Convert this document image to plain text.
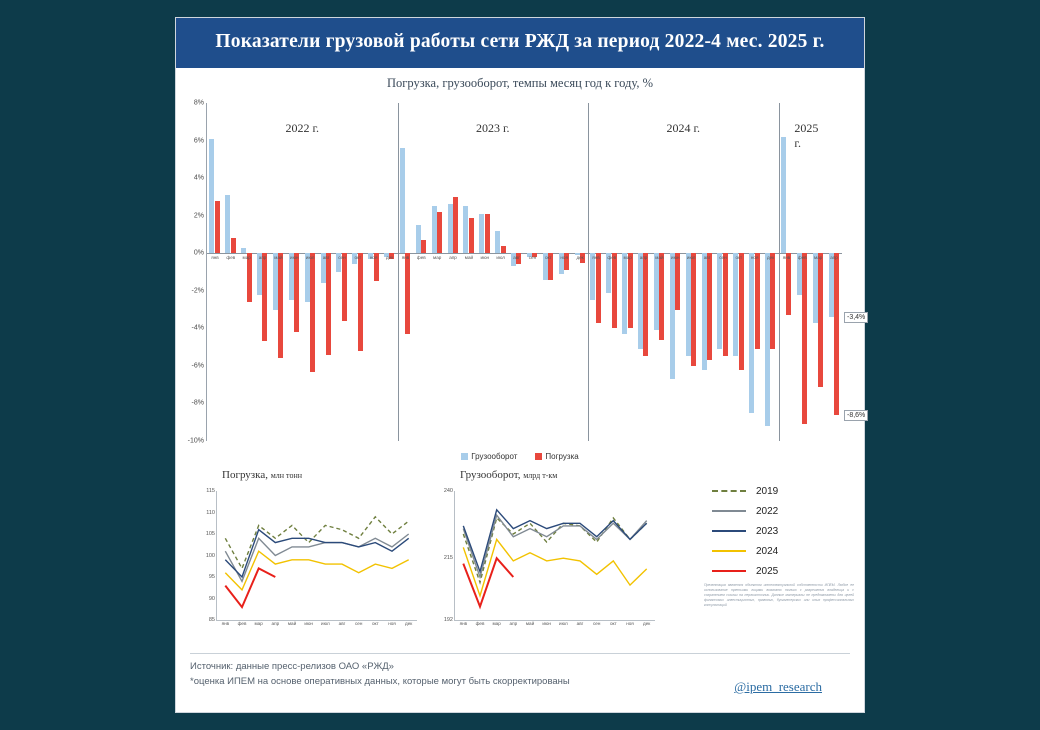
Показатели грузовой работы сети РЖД за период 2022-4 мес. 2025 г.
Погрузка, грузооборот, темпы месяц год к году, %
8%
6%
4%
2%
0%
-2%
-4%
-6%
-8%
-10%
2022 г.	2023 г.	2024 г.	2025 г.
янв фев мар апр май июн июл авг сен окт ноя дек янв фев мар апр май июн июл авг сен окт ноя дек янв фев мар апр май июн июл авг сен окт ноя дек янв фев мар апр
-3,4%
-8,6%
Грузооборот	Погрузка
Погрузка, млн тонн
115
110
105
100
95
90
85
янв фев мар апр май июн июл авг сен окт ноя дек
Грузооборот, млрд т-км
240
215
192
янв фев мар апр май июн июл авг сен окт ноя дек
2019
2022
2023
2024
2025
Презентация является объектом интеллектуальной собственности ИПЕМ. Любое ее использование третьими лицами возможно только с разрешения владельца и с сохранением ссылки на первоисточник. Данные материалы не предназначены для целей финансовых инвестиционных, правовых, бухгалтерских или иных профессиональных консультаций
Источник: данные пресс-релизов ОАО «РЖД»
*оценка ИПЕМ на основе оперативных данных, которые могут быть скорректированы	@ipem_research
